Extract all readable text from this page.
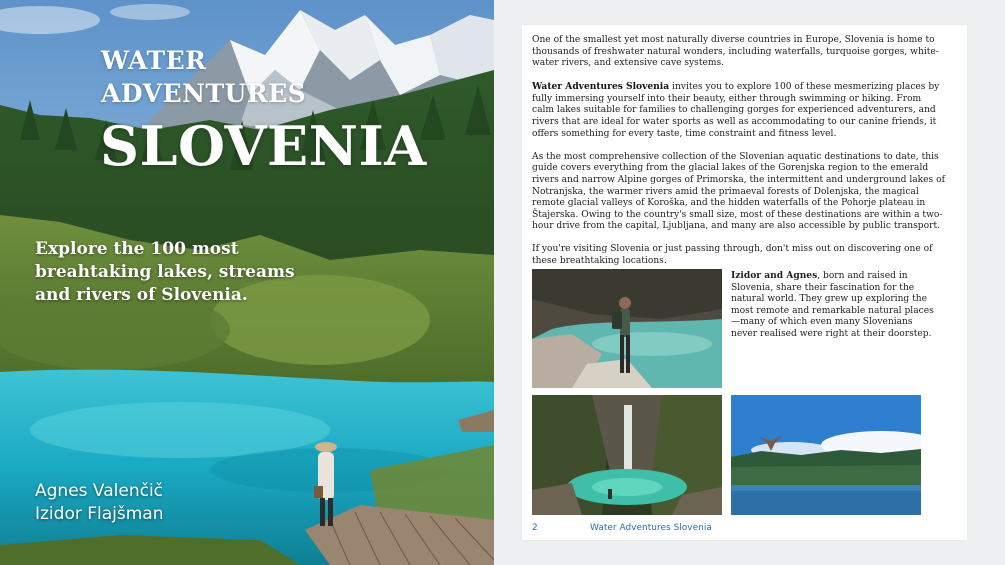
WATER
ADVENTURES
SLOVENIA
Explore the 100 most breahtaking lakes, streams and rivers of Slovenia.
Agnes Valenčič
Izidor Flajšman

One of the smallest yet most naturally diverse countries in Europe, Slovenia is home to thousands of freshwater natural wonders, including waterfalls, turquoise gorges, white-water rivers, and extensive cave systems.

Water Adventures Slovenia invites you to explore 100 of these mesmerizing places by fully immersing yourself into their beauty, either through swimming or hiking. From calm lakes suitable for families to challenging gorges for experienced adventurers, and rivers that are ideal for water sports as well as accommodating to our canine friends, it offers something for every taste, time constraint and fitness level.

As the most comprehensive collection of the Slovenian aquatic destinations to date, this guide covers everything from the glacial lakes of the Gorenjska region to the emerald rivers and narrow Alpine gorges of Primorska, the intermittent and underground lakes of Notranjska, the warmer rivers amid the primaeval forests of Dolenjska, the magical remote glacial valleys of Koroška, and the hidden waterfalls of the Pohorje plateau in Štajerska. Owing to the country's small size, most of these destinations are within a two-hour drive from the capital, Ljubljana, and many are also accessible by public transport.

If you're visiting Slovenia or just passing through, don't miss out on discovering one of these breathtaking locations.

Izidor and Agnes, born and raised in Slovenia, share their fascination for the natural world. They grew up exploring the most remote and remarkable natural places—many of which even many Slovenians never realised were right at their doorstep.
2	Water Adventures Slovenia
